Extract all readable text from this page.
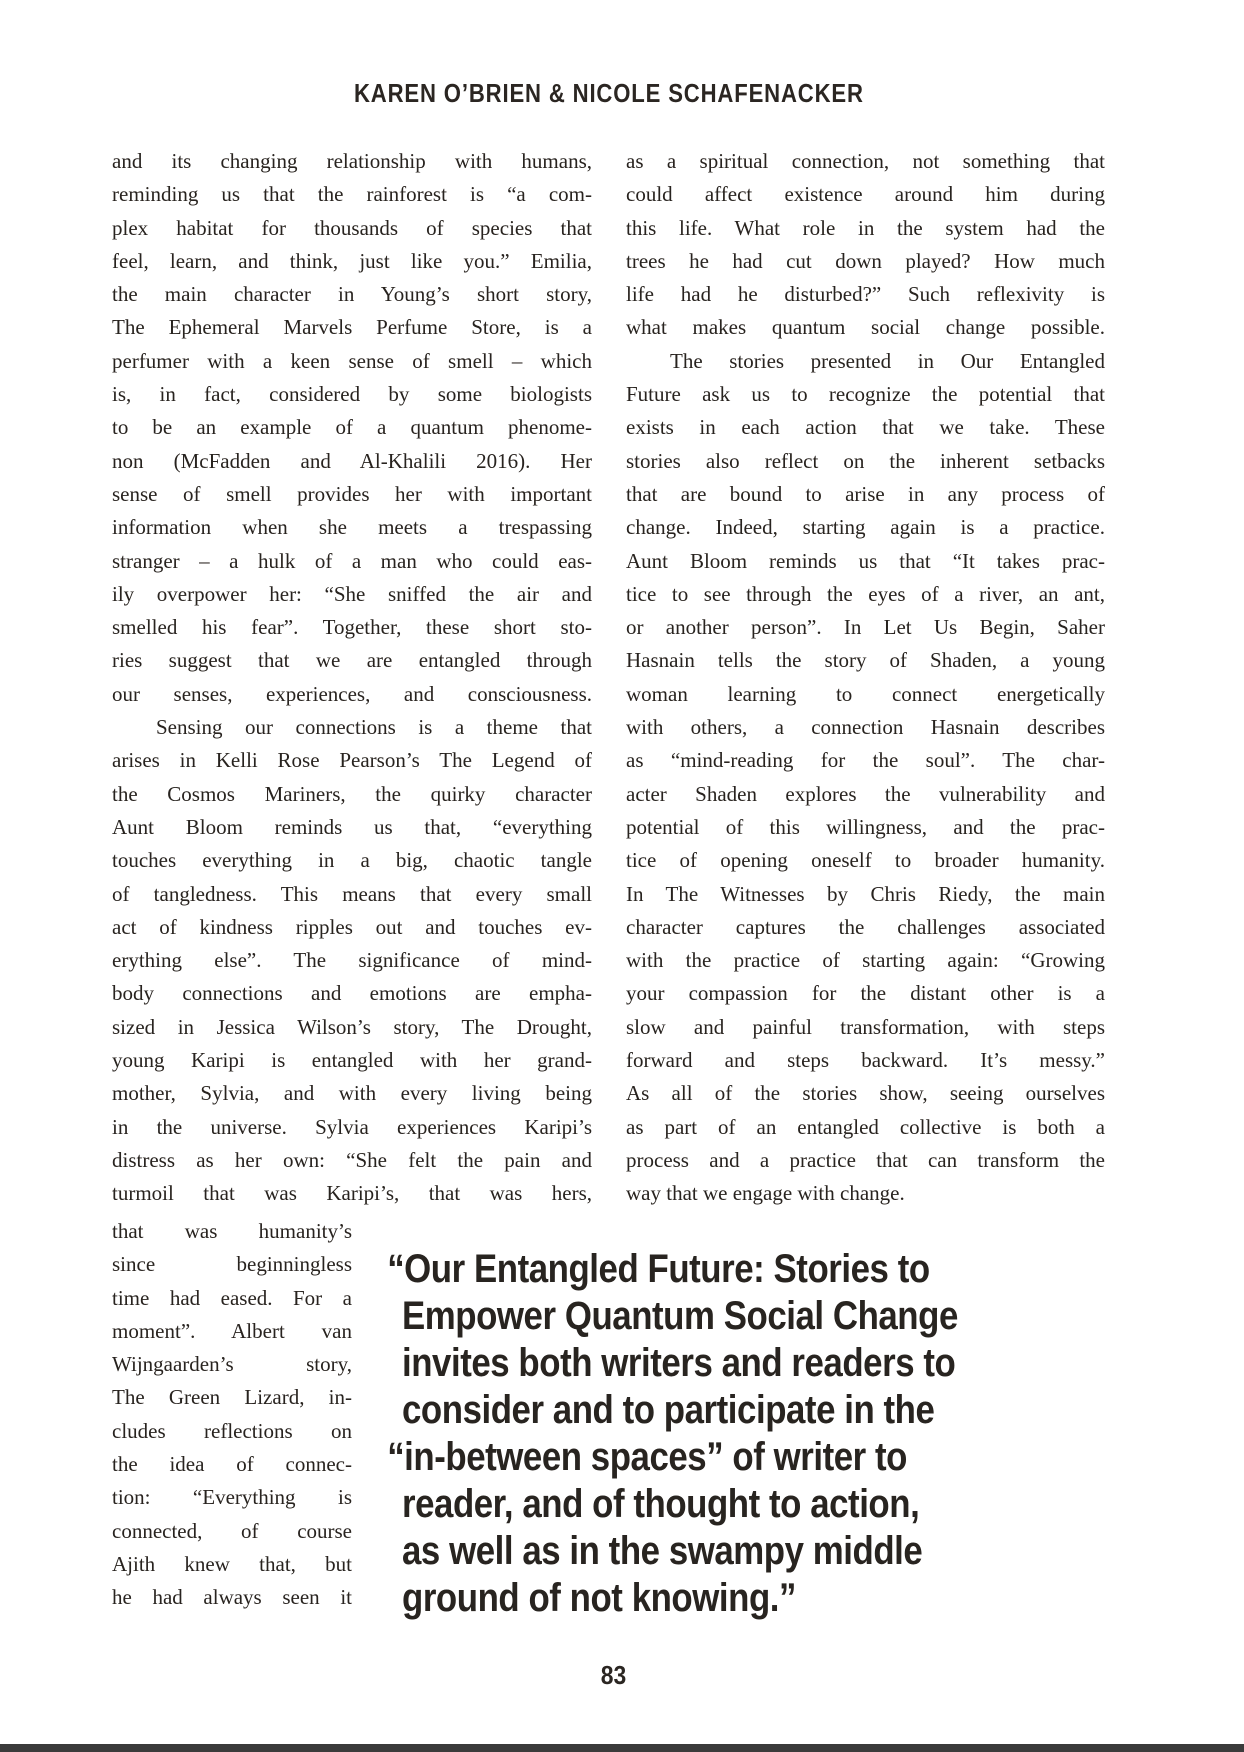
KAREN O’BRIEN & NICOLE SCHAFENACKER
and its changing relationship with humans,
reminding us that the rainforest is “a com-
plex habitat for thousands of species that
feel, learn, and think, just like you.” Emilia,
the main character in Young’s short story,
The Ephemeral Marvels Perfume Store, is a
perfumer with a keen sense of smell – which
is, in fact, considered by some biologists
to be an example of a quantum phenome-
non (McFadden and Al-Khalili 2016). Her
sense of smell provides her with important
information when she meets a trespassing
stranger – a hulk of a man who could eas-
ily overpower her: “She sniffed the air and
smelled his fear”. Together, these short sto-
ries suggest that we are entangled through
our senses, experiences, and consciousness.
Sensing our connections is a theme that
arises in Kelli Rose Pearson’s The Legend of
the Cosmos Mariners, the quirky character
Aunt Bloom reminds us that, “everything
touches everything in a big, chaotic tangle
of tangledness. This means that every small
act of kindness ripples out and touches ev-
erything else”. The significance of mind-
body connections and emotions are empha-
sized in Jessica Wilson’s story, The Drought,
young Karipi is entangled with her grand-
mother, Sylvia, and with every living being
in the universe. Sylvia experiences Karipi’s
distress as her own: “She felt the pain and
turmoil that was Karipi’s, that was hers,
as a spiritual connection, not something that
could affect existence around him during
this life. What role in the system had the
trees he had cut down played? How much
life had he disturbed?” Such reflexivity is
what makes quantum social change possible.
The stories presented in Our Entangled
Future ask us to recognize the potential that
exists in each action that we take. These
stories also reflect on the inherent setbacks
that are bound to arise in any process of
change. Indeed, starting again is a practice.
Aunt Bloom reminds us that “It takes prac-
tice to see through the eyes of a river, an ant,
or another person”. In Let Us Begin, Saher
Hasnain tells the story of Shaden, a young
woman learning to connect energetically
with others, a connection Hasnain describes
as “mind-reading for the soul”. The char-
acter Shaden explores the vulnerability and
potential of this willingness, and the prac-
tice of opening oneself to broader humanity.
In The Witnesses by Chris Riedy, the main
character captures the challenges associated
with the practice of starting again: “Growing
your compassion for the distant other is a
slow and painful transformation, with steps
forward and steps backward. It’s messy.”
As all of the stories show, seeing ourselves
as part of an entangled collective is both a
process and a practice that can transform the
way that we engage with change.
that was humanity’s
since beginningless
time had eased. For a
moment”. Albert van
Wijngaarden’s story,
The Green Lizard, in-
cludes reflections on
the idea of connec-
tion: “Everything is
connected, of course
Ajith knew that, but
he had always seen it
“Our Entangled Future: Stories to
Empower Quantum Social Change
invites both writers and readers to
consider and to participate in the
“in-between spaces” of writer to
reader, and of thought to action,
as well as in the swampy middle
ground of not knowing.”
83
